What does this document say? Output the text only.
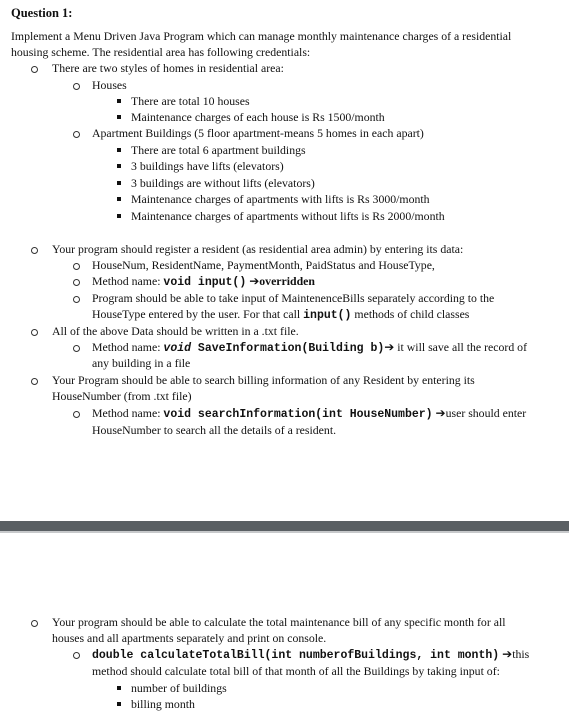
Question 1:
Implement a Menu Driven Java Program which can manage monthly maintenance charges of a residential
housing scheme. The residential area has following credentials:
There are two styles of homes in residential area:
Houses
There are total 10 houses
Maintenance charges of each house is Rs 1500/month
Apartment Buildings (5 floor apartment-means 5 homes in each apart)
There are total 6 apartment buildings
3 buildings have lifts (elevators)
3 buildings are without lifts (elevators)
Maintenance charges of apartments with lifts is Rs 3000/month
Maintenance charges of apartments without lifts is Rs 2000/month
Your program should register a resident (as residential area admin) by entering its data:
HouseNum, ResidentName, PaymentMonth, PaidStatus and HouseType,
Method name: void input() ➔overridden
Program should be able to take input of MaintenenceBills separately according to the
HouseType entered by the user. For that call input() methods of child classes
All of the above Data should be written in a .txt file.
Method name: void SaveInformation(Building b)➔ it will save all the record of
any building in a file
Your Program should be able to search billing information of any Resident by entering its
HouseNumber (from .txt file)
Method name: void searchInformation(int HouseNumber) ➔user should enter
HouseNumber to search all the details of a resident.
Your program should be able to calculate the total maintenance bill of any specific month for all
houses and all apartments separately and print on console.
double calculateTotalBill(int numberofBuildings, int month) ➔this
method should calculate total bill of that month of all the Buildings by taking input of:
number of buildings
billing month
